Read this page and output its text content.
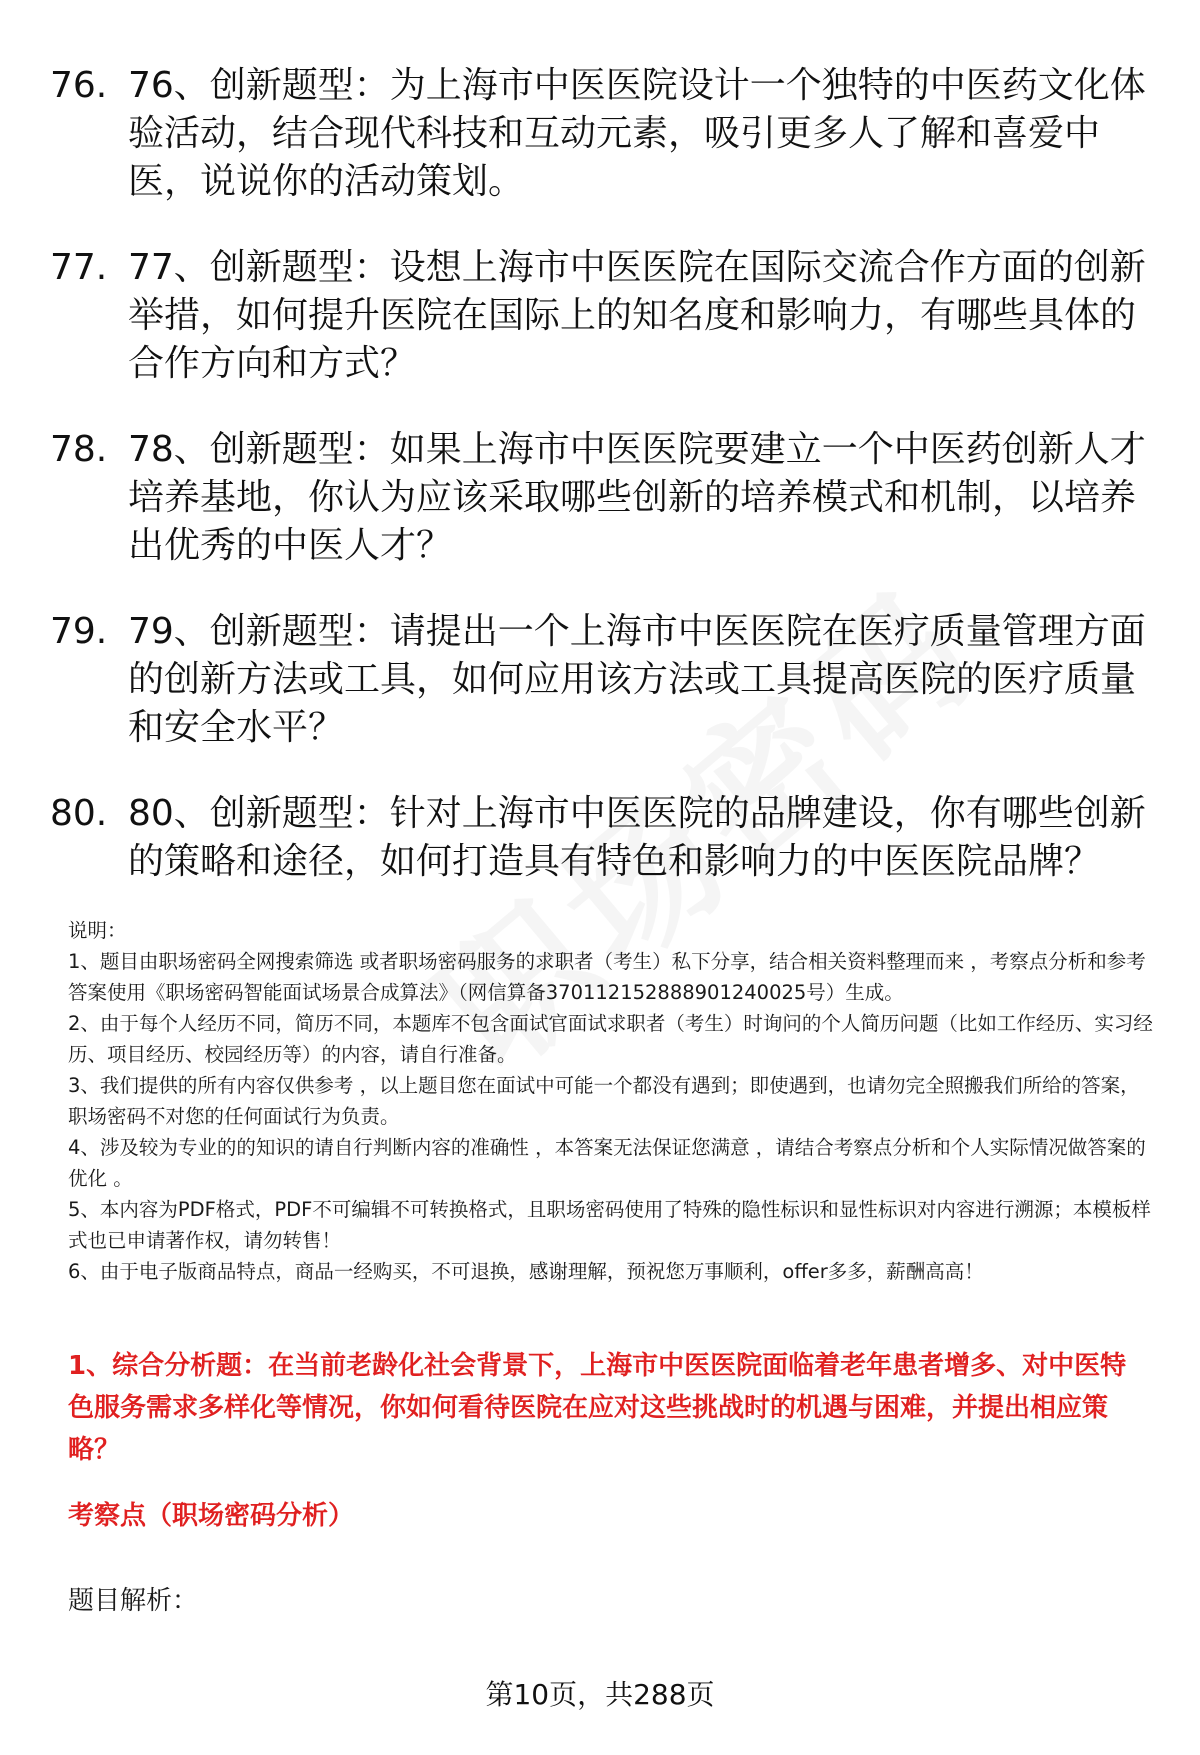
76. 76、创新题型：为上海市中医医院设计一个独特的中医药文化体验活动，结合现代科技和互动元素，吸引更多人了解和喜爱中医，说说你的活动策划。
77. 77、创新题型：设想上海市中医医院在国际交流合作方面的创新举措，如何提升医院在国际上的知名度和影响力，有哪些具体的合作方向和方式？
78. 78、创新题型：如果上海市中医医院要建立一个中医药创新人才培养基地，你认为应该采取哪些创新的培养模式和机制，以培养出优秀的中医人才？
79. 79、创新题型：请提出一个上海市中医医院在医疗质量管理方面的创新方法或工具，如何应用该方法或工具提高医院的医疗质量和安全水平？
80. 80、创新题型：针对上海市中医医院的品牌建设，你有哪些创新的策略和途径，如何打造具有特色和影响力的中医医院品牌？

说明：

1、题目由职场密码全网搜索筛选 或者职场密码服务的求职者（考生）私下分享，结合相关资料整理而来 ，考察点分析和参考答案使用《职场密码智能面试场景合成算法》（网信算备370112152888901240025号）生成。

2、由于每个人经历不同，简历不同，本题库不包含面试官面试求职者（考生）时询问的个人简历问题（比如工作经历、实习经历、项目经历、校园经历等）的内容，请自行准备。

3、我们提供的所有内容仅供参考 ，以上题目您在面试中可能一个都没有遇到；即使遇到，也请勿完全照搬我们所给的答案，职场密码不对您的任何面试行为负责。

4、涉及较为专业的的知识的请自行判断内容的准确性 ，本答案无法保证您满意 ，请结合考察点分析和个人实际情况做答案的优化 。

5、本内容为PDF格式，PDF不可编辑不可转换格式，且职场密码使用了特殊的隐性标识和显性标识对内容进行溯源；本模板样式也已申请著作权，请勿转售！

6、由于电子版商品特点，商品一经购买，不可退换，感谢理解，预祝您万事顺利，offer多多，薪酬高高！

1、综合分析题：在当前老龄化社会背景下，上海市中医医院面临着老年患者增多、对中医特色服务需求多样化等情况，你如何看待医院在应对这些挑战时的机遇与困难，并提出相应策略？
考察点（职场密码分析）
题目解析：
第10页，共288页
